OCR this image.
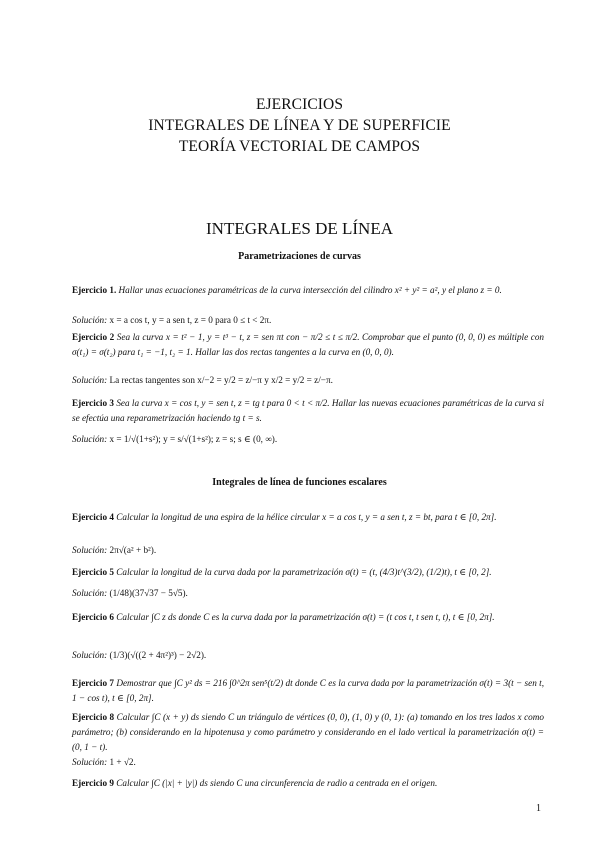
EJERCICIOS
INTEGRALES DE LÍNEA Y DE SUPERFICIE
TEORÍA VECTORIAL DE CAMPOS
INTEGRALES DE LÍNEA
Parametrizaciones de curvas
Ejercicio 1. Hallar unas ecuaciones paramétricas de la curva intersección del cilindro x² + y² = a², y el plano z = 0.
Solución: x = a cos t, y = a sen t, z = 0 para 0 ≤ t < 2π.
Ejercicio 2 Sea la curva x = t² − 1, y = t³ − t, z = sen πt con − π/2 ≤ t ≤ π/2. Comprobar que el punto (0, 0, 0) es múltiple con σ(t₁) = σ(t₂) para t₁ = −1, t₂ = 1. Hallar las dos rectas tangentes a la curva en (0, 0, 0).
Solución: La rectas tangentes son x/−2 = y/2 = z/−π y x/2 = y/2 = z/−π.
Ejercicio 3 Sea la curva x = cos t, y = sen t, z = tg t para 0 < t < π/2. Hallar las nuevas ecuaciones paramétricas de la curva si se efectúa una reparametrización haciendo tg t = s.
Solución: x = 1/√(1+s²); y = s/√(1+s²); z = s; s ∈ (0, ∞).
Integrales de línea de funciones escalares
Ejercicio 4 Calcular la longitud de una espira de la hélice circular x = a cos t, y = a sen t, z = bt, para t ∈ [0, 2π].
Solución: 2π√(a² + b²).
Ejercicio 5 Calcular la longitud de la curva dada por la parametrización σ(t) = (t, (4/3)t^(3/2), (1/2)t), t ∈ [0, 2].
Solución: (1/48)(37√37 − 5√5).
Ejercicio 6 Calcular ∫C z ds donde C es la curva dada por la parametrización σ(t) = (t cos t, t sen t, t), t ∈ [0, 2π].
Solución: (1/3)(√((2 + 4π²)³) − 2√2).
Ejercicio 7 Demostrar que ∫C y² ds = 216 ∫0^2π sen⁵(t/2) dt donde C es la curva dada por la parametrización σ(t) = 3(t − sen t, 1 − cos t), t ∈ [0, 2π].
Ejercicio 8 Calcular ∫C (x + y) ds siendo C un triángulo de vértices (0, 0), (1, 0) y (0, 1): (a) tomando en los tres lados x como parámetro; (b) considerando en la hipotenusa y como parámetro y considerando en el lado vertical la parametrización σ(t) = (0, 1 − t).
Solución: 1 + √2.
Ejercicio 9 Calcular ∫C (|x| + |y|) ds siendo C una circunferencia de radio a centrada en el origen.
1
